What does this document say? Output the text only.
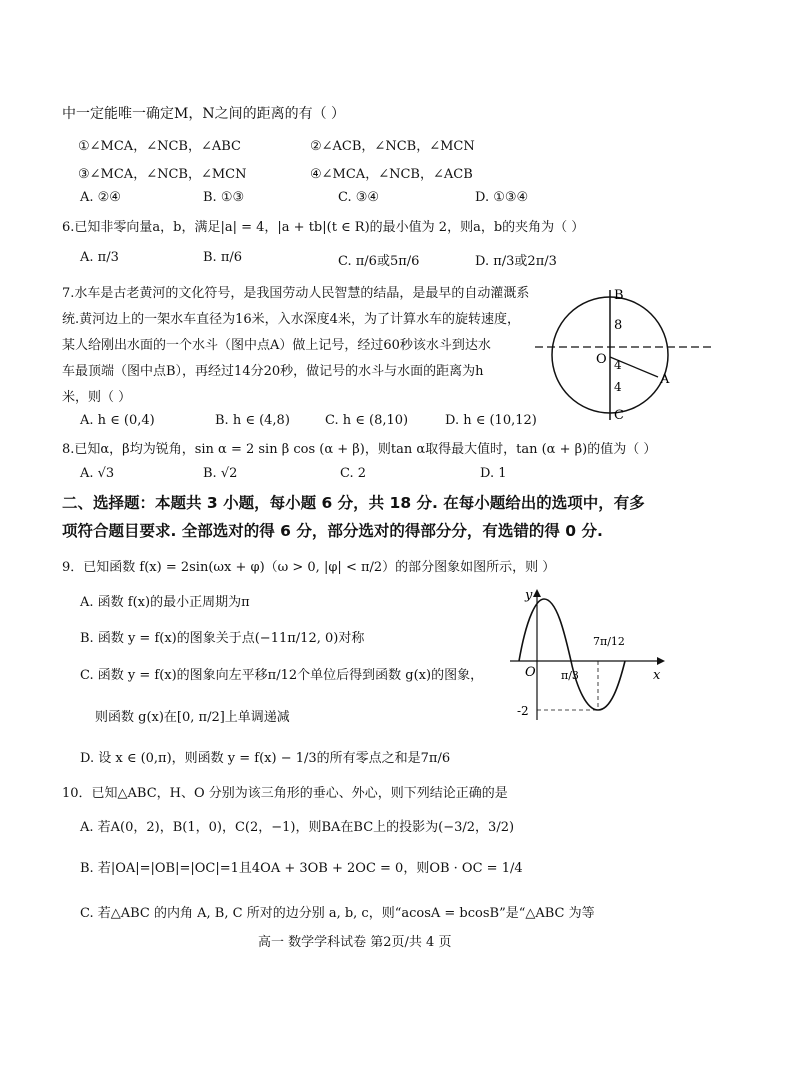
中一定能唯一确定M，N之间的距离的有（ ）
①∠MCA，∠NCB，∠ABC	②∠ACB，∠NCB，∠MCN
③∠MCA，∠NCB，∠MCN	④∠MCA，∠NCB，∠ACB
A. ②④	B. ①③	C. ③④	D. ①③④
6.已知非零向量a，b，满足|a| = 4，|a + tb|(t ∈ R)的最小值为 2，则a，b的夹角为（ ）
A. π/3	B. π/6	C. π/6或5π/6	D. π/3或2π/3
7.水车是古老黄河的文化符号，是我国劳动人民智慧的结晶，是最早的自动灌溉系
统.黄河边上的一架水车直径为16米，入水深度4米，为了计算水车的旋转速度，
某人给刚出水面的一个水斗（图中点A）做上记号，经过60秒该水斗到达水
车最顶端（图中点B），再经过14分20秒，做记号的水斗与水面的距离为h
米，则（ ）
A. h ∈ (0,4)	B. h ∈ (4,8)	C. h ∈ (8,10)	D. h ∈ (10,12)
B
8
O 4
4	A
C
8.已知α，β均为锐角，sin α = 2 sin β cos (α + β)，则tan α取得最大值时，tan (α + β)的值为（ ）
A. √3	B. √2	C. 2	D. 1
二、选择题：本题共 3 小题，每小题 6 分，共 18 分. 在每小题给出的选项中，有多
项符合题目要求. 全部选对的得 6 分，部分选对的得部分分，有选错的得 0 分.
9．已知函数 f(x) = 2sin(ωx + φ)（ω > 0, |φ| < π/2）的部分图象如图所示，则 ）
A. 函数 f(x)的最小正周期为π
B. 函数 y = f(x)的图象关于点(−11π/12, 0)对称
C. 函数 y = f(x)的图象向左平移π/12个单位后得到函数 g(x)的图象，
则函数 g(x)在[0, π/2]上单调递减
D. 设 x ∈ (0,π)，则函数 y = f(x) − 1/3的所有零点之和是7π/6
y
x
O π/3
7π/12
-2
10．已知△ABC，H、O 分别为该三角形的垂心、外心，则下列结论正确的是
A. 若A(0，2)，B(1，0)，C(2，−1)，则BA在BC上的投影为(−3/2，3/2)
B. 若|OA|=|OB|=|OC|=1且4OA + 3OB + 2OC = 0，则OB · OC = 1/4
C. 若△ABC 的内角 A, B, C 所对的边分别 a, b, c，则“acosA = bcosB”是“△ABC 为等
高一 数学学科试卷 第2页/共 4 页
